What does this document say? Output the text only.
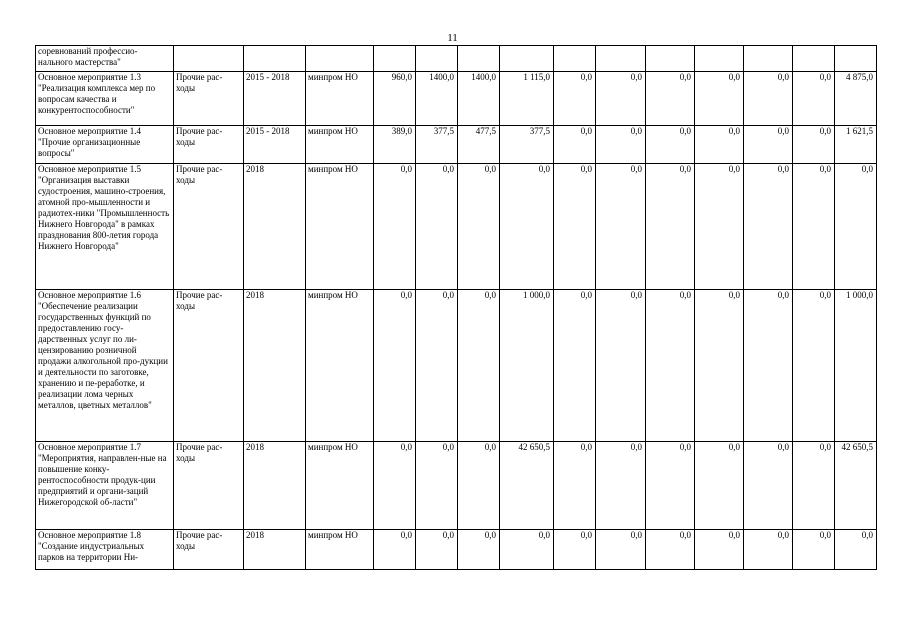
11
соревнований профессио-нального мастерства"														
Основное мероприятие 1.3 "Реализация комплекса мер по вопросам качества и конкурентоспособности"	Прочие рас-ходы	2015 - 2018	минпром НО	960,0	1400,0	1400,0	1 115,0	0,0	0,0	0,0	0,0	0,0	0,0	4 875,0
Основное мероприятие 1.4 "Прочие организационные вопросы"	Прочие рас-ходы	2015 - 2018	минпром НО	389,0	377,5	477,5	377,5	0,0	0,0	0,0	0,0	0,0	0,0	1 621,5
Основное мероприятие 1.5 "Организация выставки судостроения, машино-строения, атомной про-мышленности и радиотех-ники "Промышленность Нижнего Новгорода" в рамках празднования 800-летия города Нижнего Новгорода"	Прочие рас-ходы	2018	минпром НО	0,0	0,0	0,0	0,0	0,0	0,0	0,0	0,0	0,0	0,0	0,0
Основное мероприятие 1.6 "Обеспечение реализации государственных функций по предоставлению госу-дарственных услуг по ли-цензированию розничной продажи алкогольной про-дукции и деятельности по заготовке, хранению и пе-реработке, и реализации лома черных металлов, цветных металлов"	Прочие рас-ходы	2018	минпром НО	0,0	0,0	0,0	1 000,0	0,0	0,0	0,0	0,0	0,0	0,0	1 000,0
Основное мероприятие 1.7 "Мероприятия, направлен-ные на повышение конку-рентоспособности продук-ции предприятий и органи-заций Нижегородской об-ласти"	Прочие рас-ходы	2018	минпром НО	0,0	0,0	0,0	42 650,5	0,0	0,0	0,0	0,0	0,0	0,0	42 650,5
Основное мероприятие 1.8 "Создание индустриальных парков на территории Ни-	Прочие рас-ходы	2018	минпром НО	0,0	0,0	0,0	0,0	0,0	0,0	0,0	0,0	0,0	0,0	0,0
